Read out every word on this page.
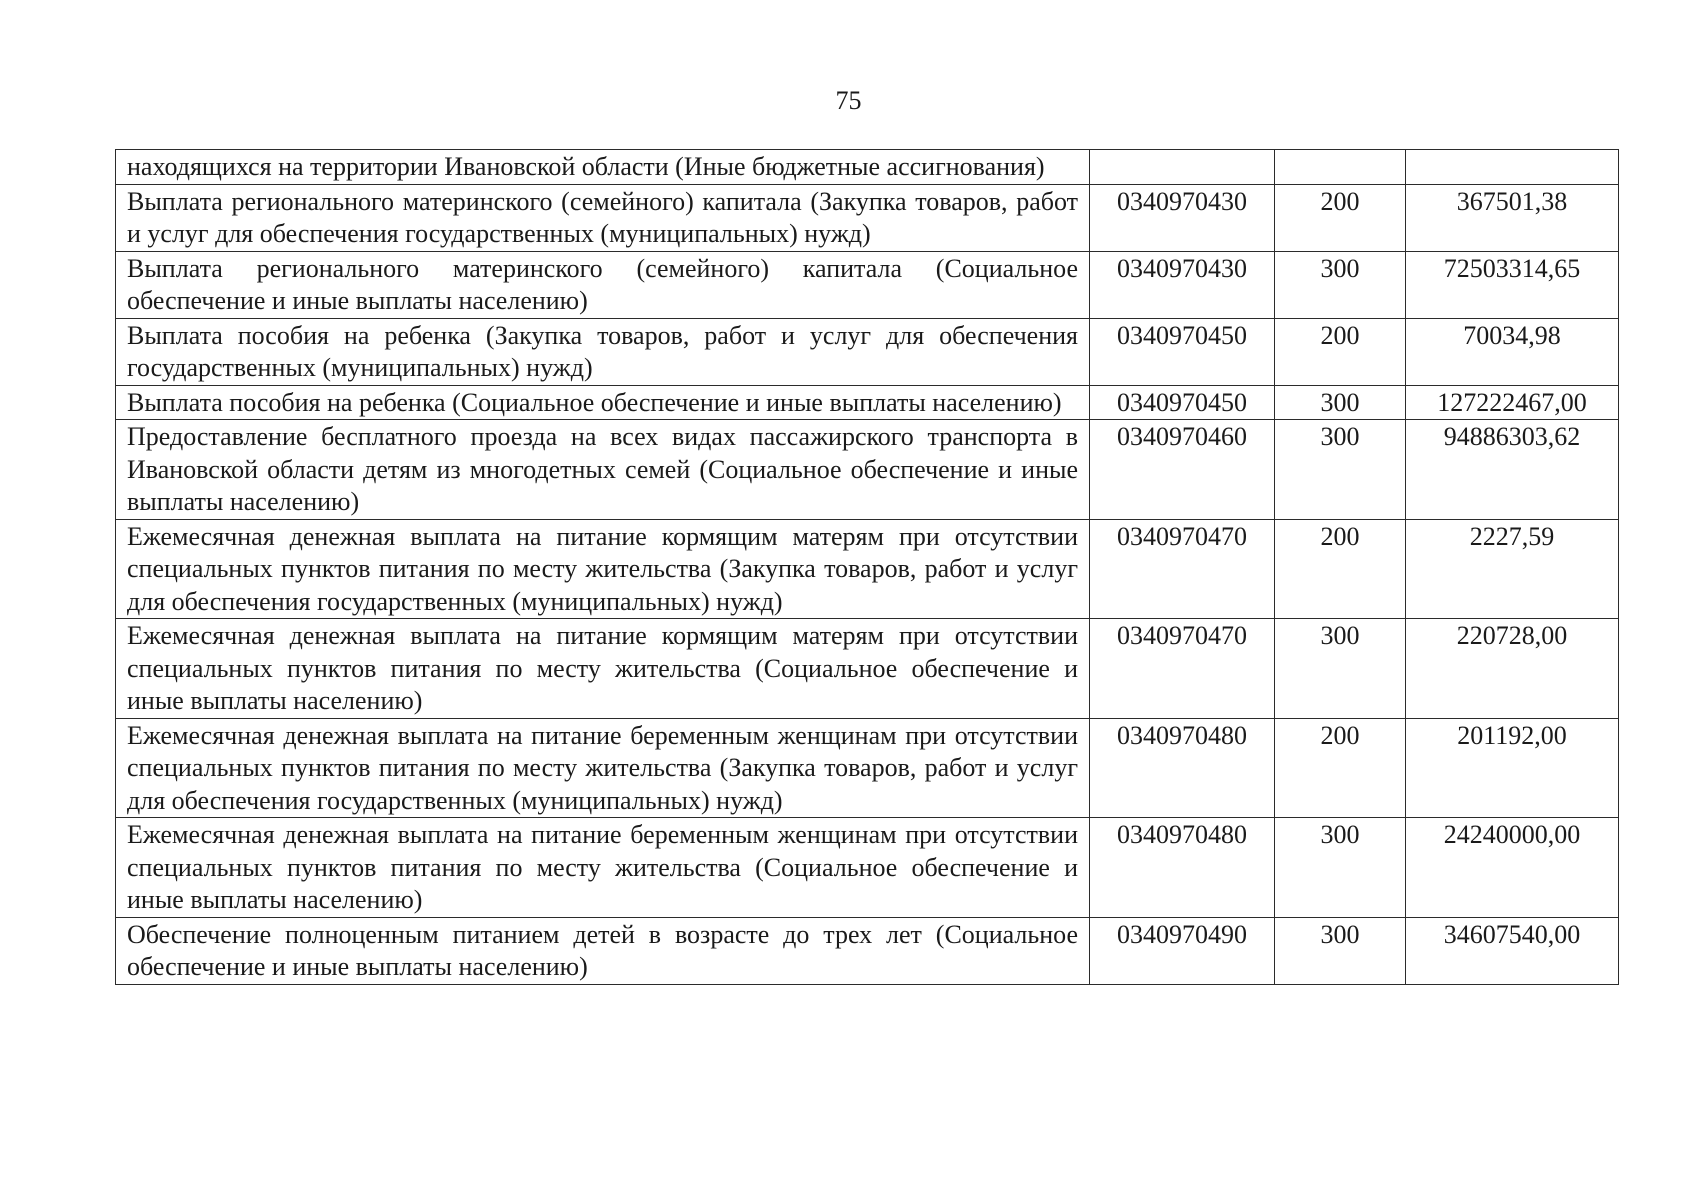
75
находящихся на территории Ивановской области (Иные бюджетные ассигнования)			
Выплата регионального материнского (семейного) капитала (Закупка товаров, работ и услуг для обеспечения государственных (муниципальных) нужд)	0340970430	200	367501,38
Выплата регионального материнского (семейного) капитала (Социальное обеспечение и иные выплаты населению)	0340970430	300	72503314,65
Выплата пособия на ребенка (Закупка товаров, работ и услуг для обеспечения государственных (муниципальных) нужд)	0340970450	200	70034,98
Выплата пособия на ребенка (Социальное обеспечение и иные выплаты населению)	0340970450	300	127222467,00
Предоставление бесплатного проезда на всех видах пассажирского транспорта в Ивановской области детям из многодетных семей (Социальное обеспечение и иные выплаты населению)	0340970460	300	94886303,62
Ежемесячная денежная выплата на питание кормящим матерям при отсутствии специальных пунктов питания по месту жительства (Закупка товаров, работ и услуг для обеспечения государственных (муниципальных) нужд)	0340970470	200	2227,59
Ежемесячная денежная выплата на питание кормящим матерям при отсутствии специальных пунктов питания по месту жительства (Социальное обеспечение и иные выплаты населению)	0340970470	300	220728,00
Ежемесячная денежная выплата на питание беременным женщинам при отсутствии специальных пунктов питания по месту жительства (Закупка товаров, работ и услуг для обеспечения государственных (муниципальных) нужд)	0340970480	200	201192,00
Ежемесячная денежная выплата на питание беременным женщинам при отсутствии специальных пунктов питания по месту жительства (Социальное обеспечение и иные выплаты населению)	0340970480	300	24240000,00
Обеспечение полноценным питанием детей в возрасте до трех лет (Социальное обеспечение и иные выплаты населению)	0340970490	300	34607540,00
